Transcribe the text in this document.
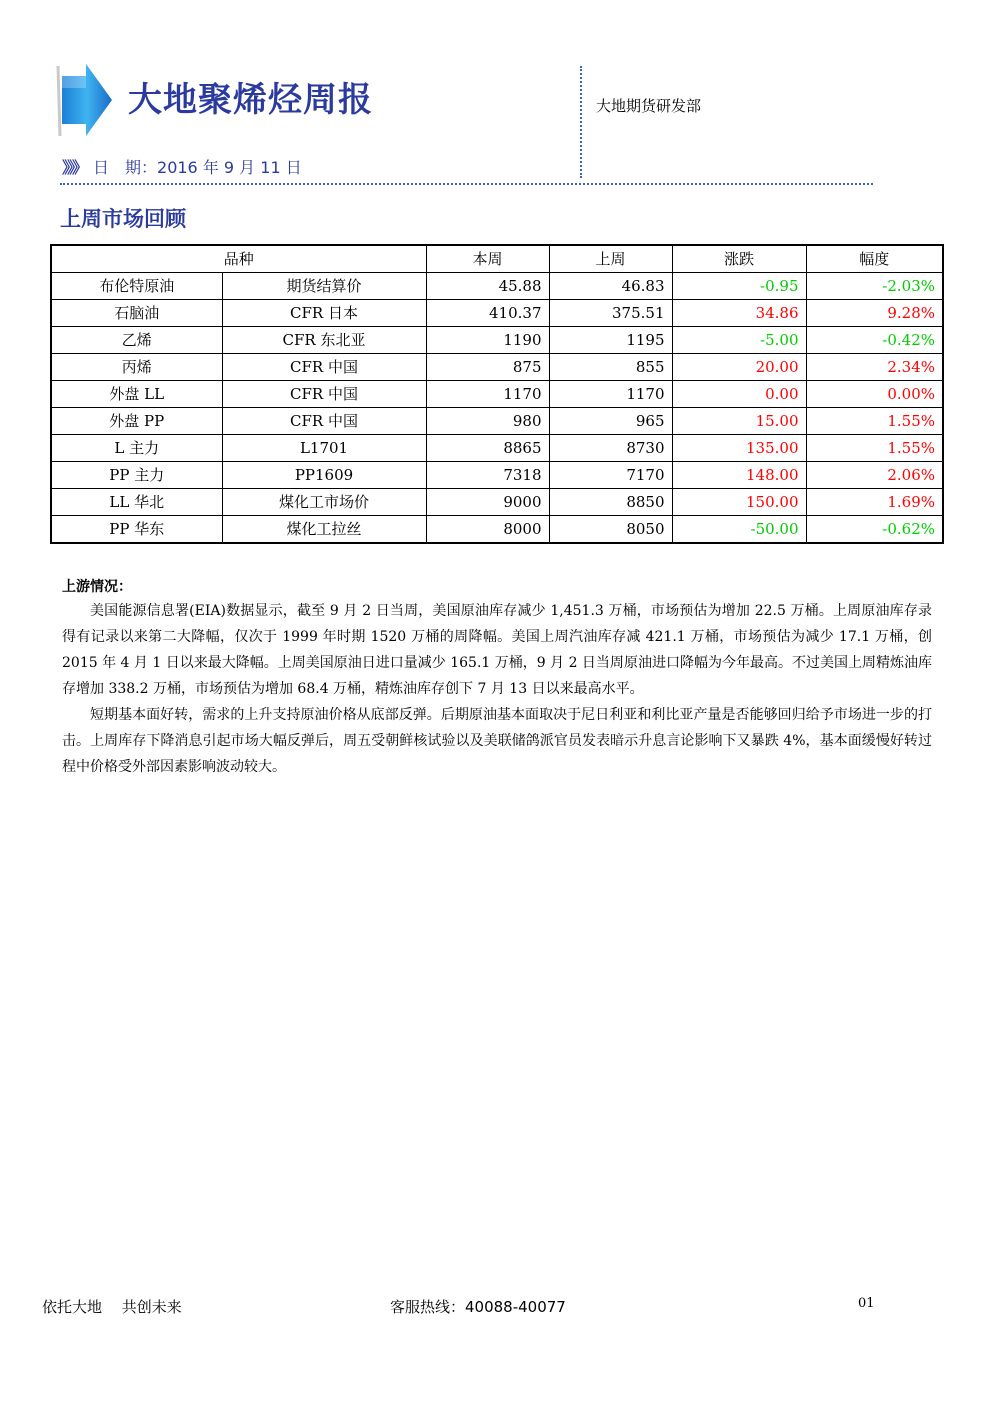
大地聚烯烃周报	大地期货研发部
》》》 日　期：2016 年 9 月 11 日
上周市场回顾
品种		本周	上周	涨跌	幅度
布伦特原油	期货结算价	45.88	46.83	-0.95	-2.03%
石脑油	CFR 日本	410.37	375.51	34.86	9.28%
乙烯	CFR 东北亚	1190	1195	-5.00	-0.42%
丙烯	CFR 中国	875	855	20.00	2.34%
外盘 LL	CFR 中国	1170	1170	0.00	0.00%
外盘 PP	CFR 中国	980	965	15.00	1.55%
L 主力	L1701	8865	8730	135.00	1.55%
PP 主力	PP1609	7318	7170	148.00	2.06%
LL 华北	煤化工市场价	9000	8850	150.00	1.69%
PP 华东	煤化工拉丝	8000	8050	-50.00	-0.62%
上游情况：

美国能源信息署(EIA)数据显示，截至 9 月 2 日当周，美国原油库存减少 1,451.3 万桶，市场预估为增加 22.5 万桶。上周原油库存录得有记录以来第二大降幅，仅次于 1999 年时期 1520 万桶的周降幅。美国上周汽油库存减 421.1 万桶，市场预估为减少 17.1 万桶，创 2015 年 4 月 1 日以来最大降幅。上周美国原油日进口量减少 165.1 万桶，9 月 2 日当周原油进口降幅为今年最高。不过美国上周精炼油库存增加 338.2 万桶，市场预估为增加 68.4 万桶，精炼油库存创下 7 月 13 日以来最高水平。

短期基本面好转，需求的上升支持原油价格从底部反弹。后期原油基本面取决于尼日利亚和利比亚产量是否能够回归给予市场进一步的打击。上周库存下降消息引起市场大幅反弹后，周五受朝鲜核试验以及美联储鸽派官员发表暗示升息言论影响下又暴跌 4%，基本面缓慢好转过程中价格受外部因素影响波动较大。

依托大地　 共创未来	客服热线：40088-40077	01
